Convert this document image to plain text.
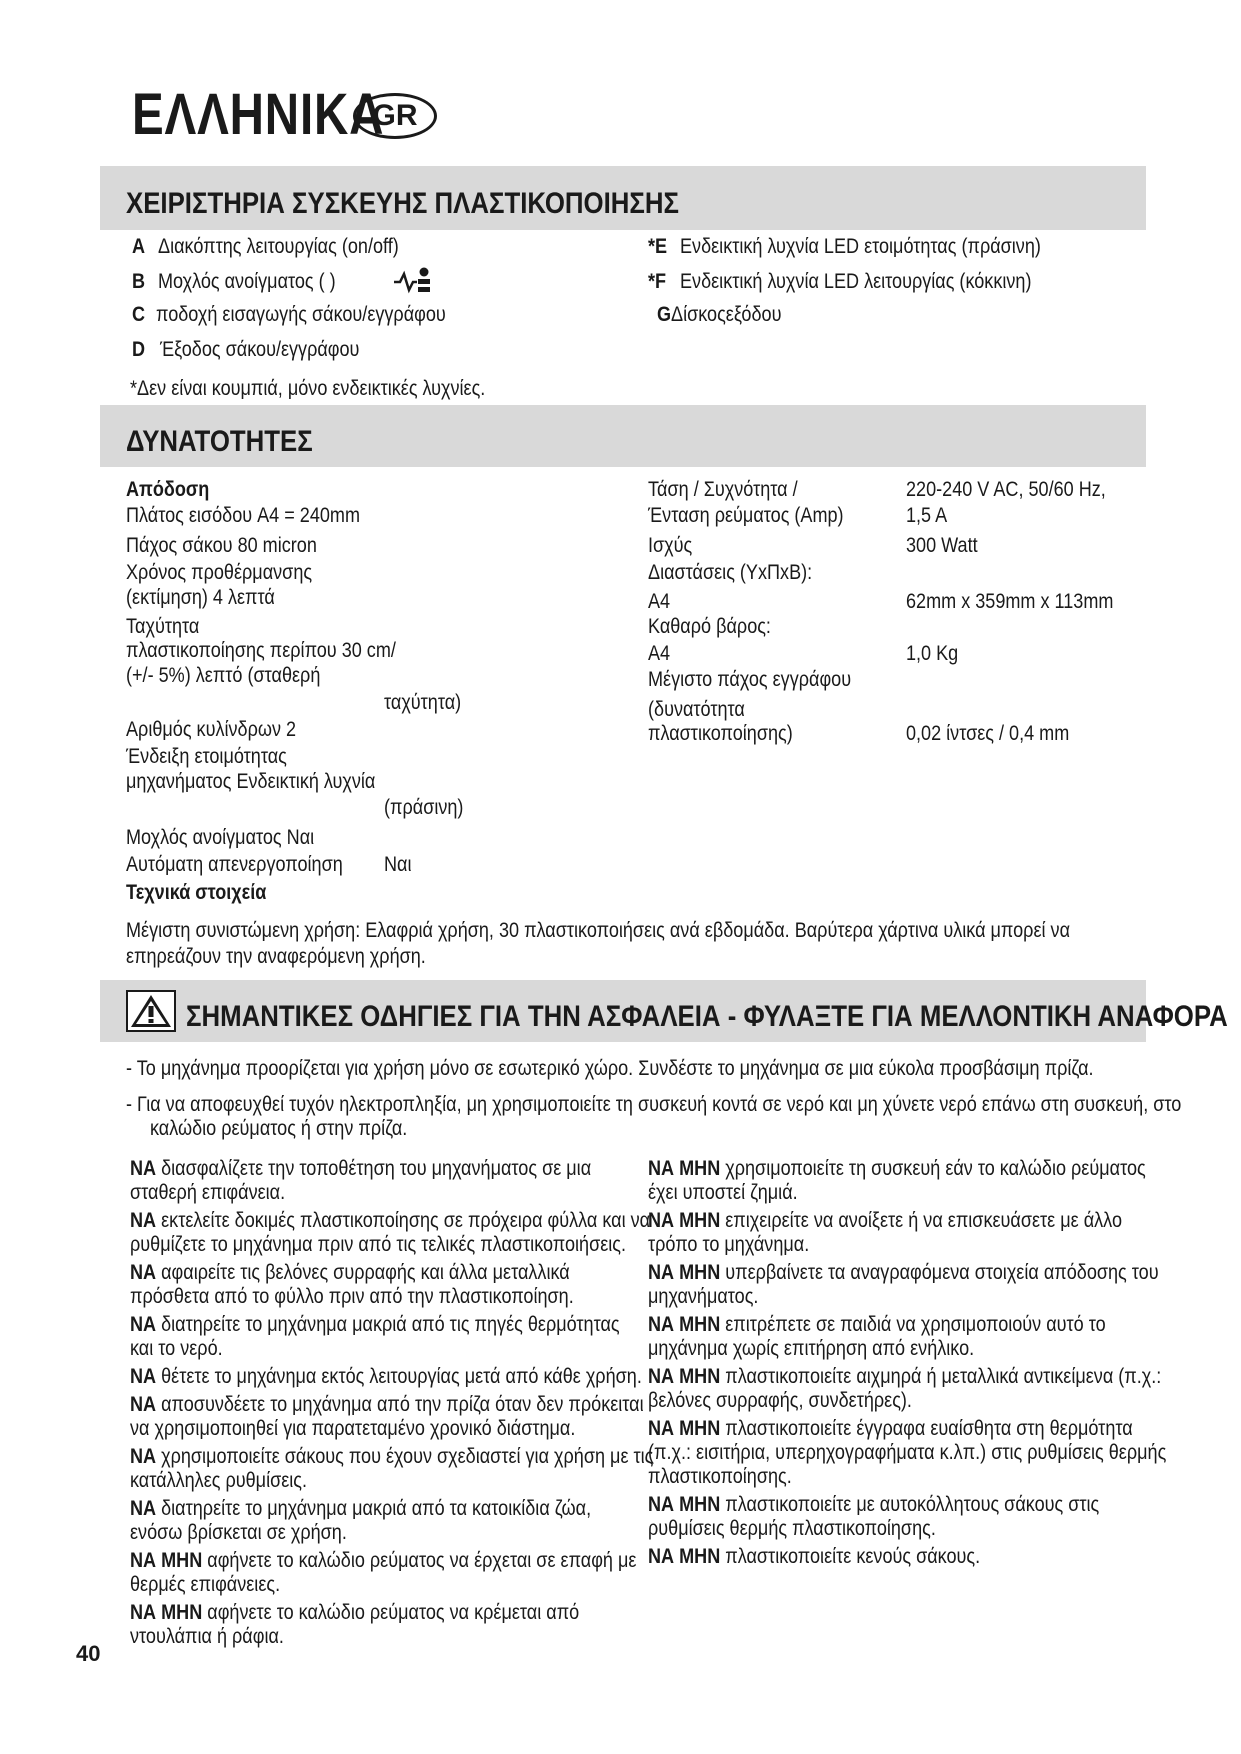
ΕΛΛΗΝΙΚΑ
GR
ΧΕΙΡΙΣΤΗΡΙΑ ΣΥΣΚΕΥΗΣ ΠΛΑΣΤΙΚΟΠΟΙΗΣΗΣ
A Διακόπτης λειτουργίας (on/off)
B Μοχλός ανοίγματος ( )
C ποδοχή εισαγωγής σάκου/εγγράφου
D Έξοδος σάκου/εγγράφου
*E Ενδεικτική λυχνία LED ετοιμότητας (πράσινη)
*F Ενδεικτική λυχνία LED λειτουργίας (κόκκινη)
G Δίσκοςεξόδου
*Δεν είναι κουμπιά, μόνο ενδεικτικές λυχνίες.
ΔΥΝΑΤΟΤΗΤΕΣ
Απόδοση
Πλάτος εισόδου A4 = 240mm
Πάχος σάκου 80 micron
Χρόνος προθέρμανσης
(εκτίμηση) 4 λεπτά
Ταχύτητα
πλαστικοποίησης περίπου 30 cm/
(+/- 5%) λεπτό (σταθερή
ταχύτητα)
Αριθμός κυλίνδρων 2
Ένδειξη ετοιμότητας
μηχανήματος Ενδεικτική λυχνία
(πράσινη)
Μοχλός ανοίγματος Ναι
Αυτόματη απενεργοποίηση Ναι
Τεχνικά στοιχεία
Τάση / Συχνότητα /
Ένταση ρεύματος (Amp)
Ισχύς
Διαστάσεις (ΥxΠxΒ):
A4
Καθαρό βάρος:
A4
Μέγιστο πάχος εγγράφου
(δυνατότητα
πλαστικοποίησης)
220-240 V AC, 50/60 Hz,
1,5 A
300 Watt
62mm x 359mm x 113mm
1,0 Kg
0,02 ίντσες / 0,4 mm
Μέγιστη συνιστώμενη χρήση: Ελαφριά χρήση, 30 πλαστικοποιήσεις ανά εβδομάδα. Βαρύτερα χάρτινα υλικά μπορεί να επηρεάζουν την αναφερόμενη χρήση.
ΣΗΜΑΝΤΙΚΕΣ ΟΔΗΓΙΕΣ ΓΙΑ ΤΗΝ ΑΣΦΑΛΕΙΑ - ΦΥΛΑΞΤΕ ΓΙΑ ΜΕΛΛΟΝΤΙΚΗ ΑΝΑΦΟΡΑ
- Το μηχάνημα προορίζεται για χρήση μόνο σε εσωτερικό χώρο. Συνδέστε το μηχάνημα σε μια εύκολα προσβάσιμη πρίζα.
- Για να αποφευχθεί τυχόν ηλεκτροπληξία, μη χρησιμοποιείτε τη συσκευή κοντά σε νερό και μη χύνετε νερό επάνω στη συσκευή, στο
καλώδιο ρεύματος ή στην πρίζα.
ΝΑ διασφαλίζετε την τοποθέτηση του μηχανήματος σε μια
σταθερή επιφάνεια.
ΝΑ εκτελείτε δοκιμές πλαστικοποίησης σε πρόχειρα φύλλα και να
ρυθμίζετε το μηχάνημα πριν από τις τελικές πλαστικοποιήσεις.
ΝΑ αφαιρείτε τις βελόνες συρραφής και άλλα μεταλλικά
πρόσθετα από το φύλλο πριν από την πλαστικοποίηση.
ΝΑ διατηρείτε το μηχάνημα μακριά από τις πηγές θερμότητας
και το νερό.
ΝΑ θέτετε το μηχάνημα εκτός λειτουργίας μετά από κάθε χρήση.
ΝΑ αποσυνδέετε το μηχάνημα από την πρίζα όταν δεν πρόκειται
να χρησιμοποιηθεί για παρατεταμένο χρονικό διάστημα.
ΝΑ χρησιμοποιείτε σάκους που έχουν σχεδιαστεί για χρήση με τις
κατάλληλες ρυθμίσεις.
ΝΑ διατηρείτε το μηχάνημα μακριά από τα κατοικίδια ζώα,
ενόσω βρίσκεται σε χρήση.
ΝΑ ΜΗΝ αφήνετε το καλώδιο ρεύματος να έρχεται σε επαφή με
θερμές επιφάνειες.
ΝΑ ΜΗΝ αφήνετε το καλώδιο ρεύματος να κρέμεται από
ντουλάπια ή ράφια.
ΝΑ ΜΗΝ χρησιμοποιείτε τη συσκευή εάν το καλώδιο ρεύματος
έχει υποστεί ζημιά.
ΝΑ ΜΗΝ επιχειρείτε να ανοίξετε ή να επισκευάσετε με άλλο
τρόπο το μηχάνημα.
ΝΑ ΜΗΝ υπερβαίνετε τα αναγραφόμενα στοιχεία απόδοσης του
μηχανήματος.
ΝΑ ΜΗΝ επιτρέπετε σε παιδιά να χρησιμοποιούν αυτό το
μηχάνημα χωρίς επιτήρηση από ενήλικο.
ΝΑ ΜΗΝ πλαστικοποιείτε αιχμηρά ή μεταλλικά αντικείμενα (π.χ.:
βελόνες συρραφής, συνδετήρες).
ΝΑ ΜΗΝ πλαστικοποιείτε έγγραφα ευαίσθητα στη θερμότητα
(π.χ.: εισιτήρια, υπερηχογραφήματα κ.λπ.) στις ρυθμίσεις θερμής
πλαστικοποίησης.
ΝΑ ΜΗΝ πλαστικοποιείτε με αυτοκόλλητους σάκους στις
ρυθμίσεις θερμής πλαστικοποίησης.
ΝΑ ΜΗΝ πλαστικοποιείτε κενούς σάκους.
40
